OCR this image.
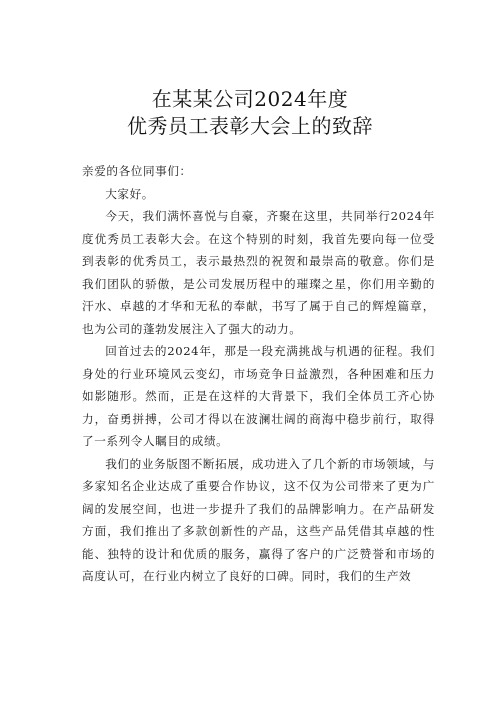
在某某公司2024年度
优秀员工表彰大会上的致辞

亲爱的各位同事们：

大家好。

今天，我们满怀喜悦与自豪，齐聚在这里，共同举行2024年度优秀员工表彰大会。在这个特别的时刻，我首先要向每一位受到表彰的优秀员工，表示最热烈的祝贺和最崇高的敬意。你们是我们团队的骄傲，是公司发展历程中的璀璨之星，你们用辛勤的汗水、卓越的才华和无私的奉献，书写了属于自己的辉煌篇章，也为公司的蓬勃发展注入了强大的动力。

回首过去的2024年，那是一段充满挑战与机遇的征程。我们身处的行业环境风云变幻，市场竞争日益激烈，各种困难和压力如影随形。然而，正是在这样的大背景下，我们全体员工齐心协力，奋勇拼搏，公司才得以在波澜壮阔的商海中稳步前行，取得了一系列令人瞩目的成绩。

我们的业务版图不断拓展，成功进入了几个新的市场领域，与多家知名企业达成了重要合作协议，这不仅为公司带来了更为广阔的发展空间，也进一步提升了我们的品牌影响力。在产品研发方面，我们推出了多款创新性的产品，这些产品凭借其卓越的性能、独特的设计和优质的服务，赢得了客户的广泛赞誉和市场的高度认可，在行业内树立了良好的口碑。同时，我们的生产效
